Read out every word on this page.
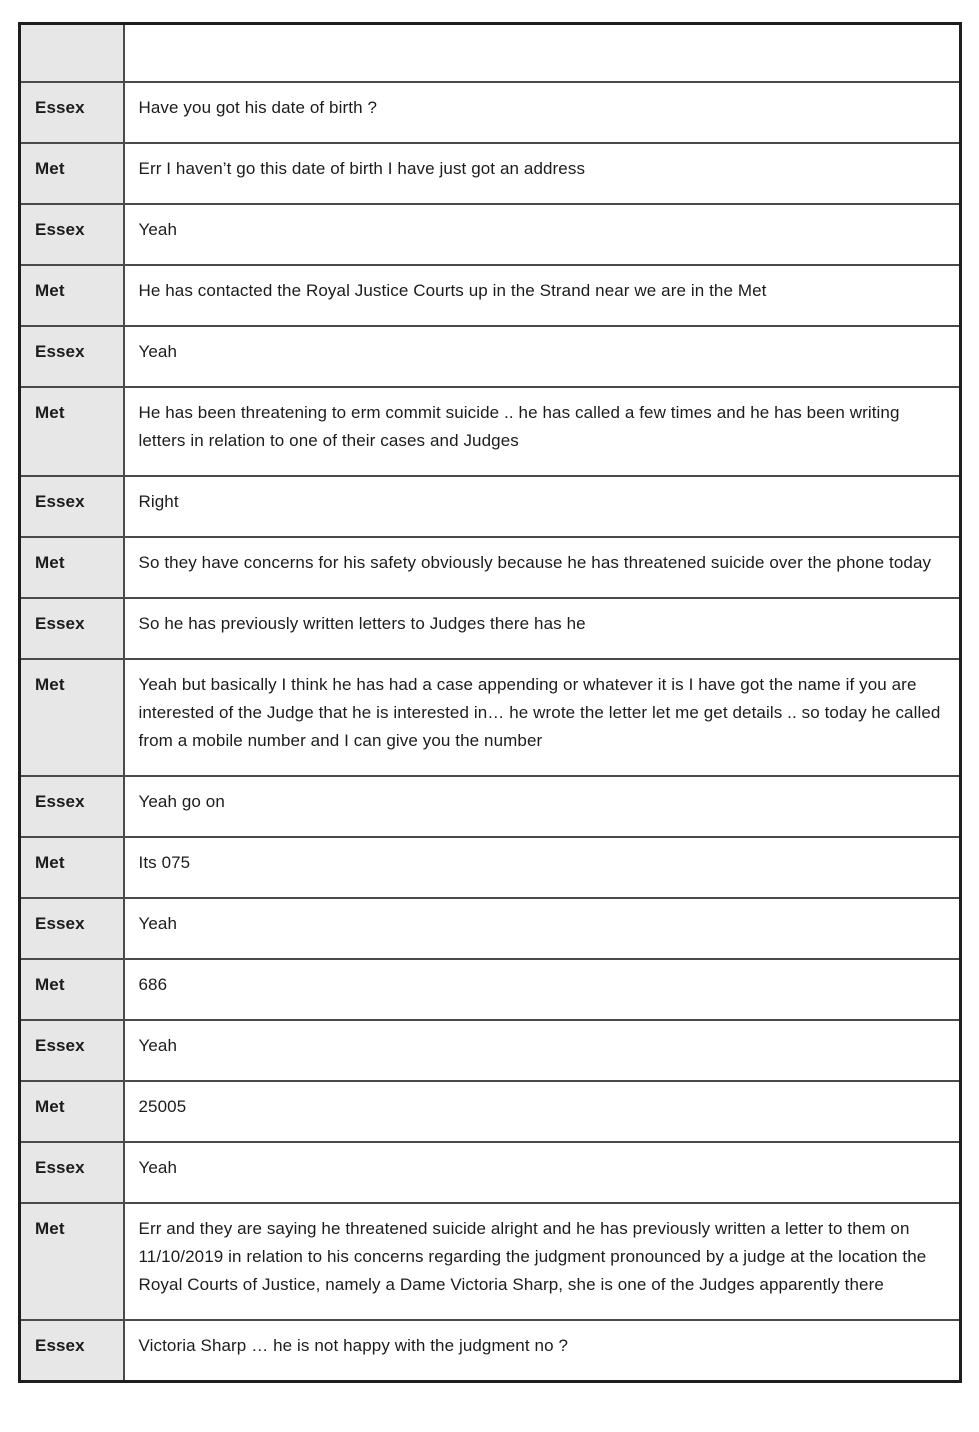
Essex	Have you got his date of birth ?
Met	Err I haven’t go this date of birth I have just got an address
Essex	Yeah
Met	He has contacted the Royal Justice Courts up in the Strand near we are in the Met
Essex	Yeah
Met	He has been threatening to erm commit suicide .. he has called a few times and he has been writing letters in relation to one of their cases and Judges
Essex	Right
Met	So they have concerns for his safety obviously because he has threatened suicide over the phone today
Essex	So he has previously written letters to Judges there has he
Met	Yeah but basically I think he has had a case appending or whatever it is I have got the name if you are interested of the Judge that he is interested in… he wrote the letter let me get details .. so today he called from a mobile number and I can give you the number
Essex	Yeah go on
Met	Its 075
Essex	Yeah
Met	686
Essex	Yeah
Met	25005
Essex	Yeah
Met	Err and they are saying he threatened suicide alright and he has previously written a letter to them on 11/10/2019 in relation to his concerns regarding the judgment pronounced by a judge at the location the Royal Courts of Justice, namely a Dame Victoria Sharp, she is one of the Judges apparently there
Essex	Victoria Sharp … he is not happy with the judgment no ?
